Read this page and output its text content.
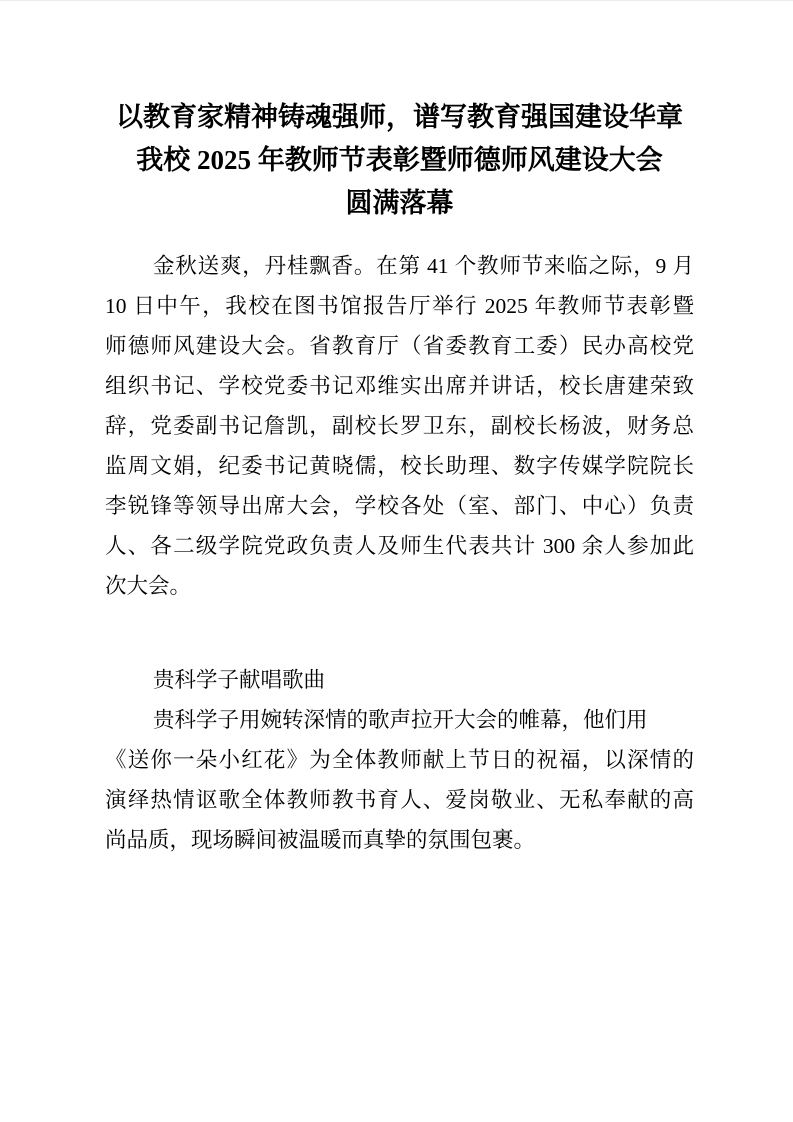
以教育家精神铸魂强师，谱写教育强国建设华章
我校 2025 年教师节表彰暨师德师风建设大会
圆满落幕
金秋送爽，丹桂飘香。在第 41 个教师节来临之际，9 月
10 日中午，我校在图书馆报告厅举行 2025 年教师节表彰暨
师德师风建设大会。省教育厅（省委教育工委）民办高校党
组织书记、学校党委书记邓维实出席并讲话，校长唐建荣致
辞，党委副书记詹凯，副校长罗卫东，副校长杨波，财务总
监周文娟，纪委书记黄晓儒，校长助理、数字传媒学院院长
李锐锋等领导出席大会，学校各处（室、部门、中心）负责
人、各二级学院党政负责人及师生代表共计 300 余人参加此
次大会。
贵科学子献唱歌曲
贵科学子用婉转深情的歌声拉开大会的帷幕，他们用
《送你一朵小红花》为全体教师献上节日的祝福，以深情的
演绎热情讴歌全体教师教书育人、爱岗敬业、无私奉献的高
尚品质，现场瞬间被温暖而真挚的氛围包裹。
